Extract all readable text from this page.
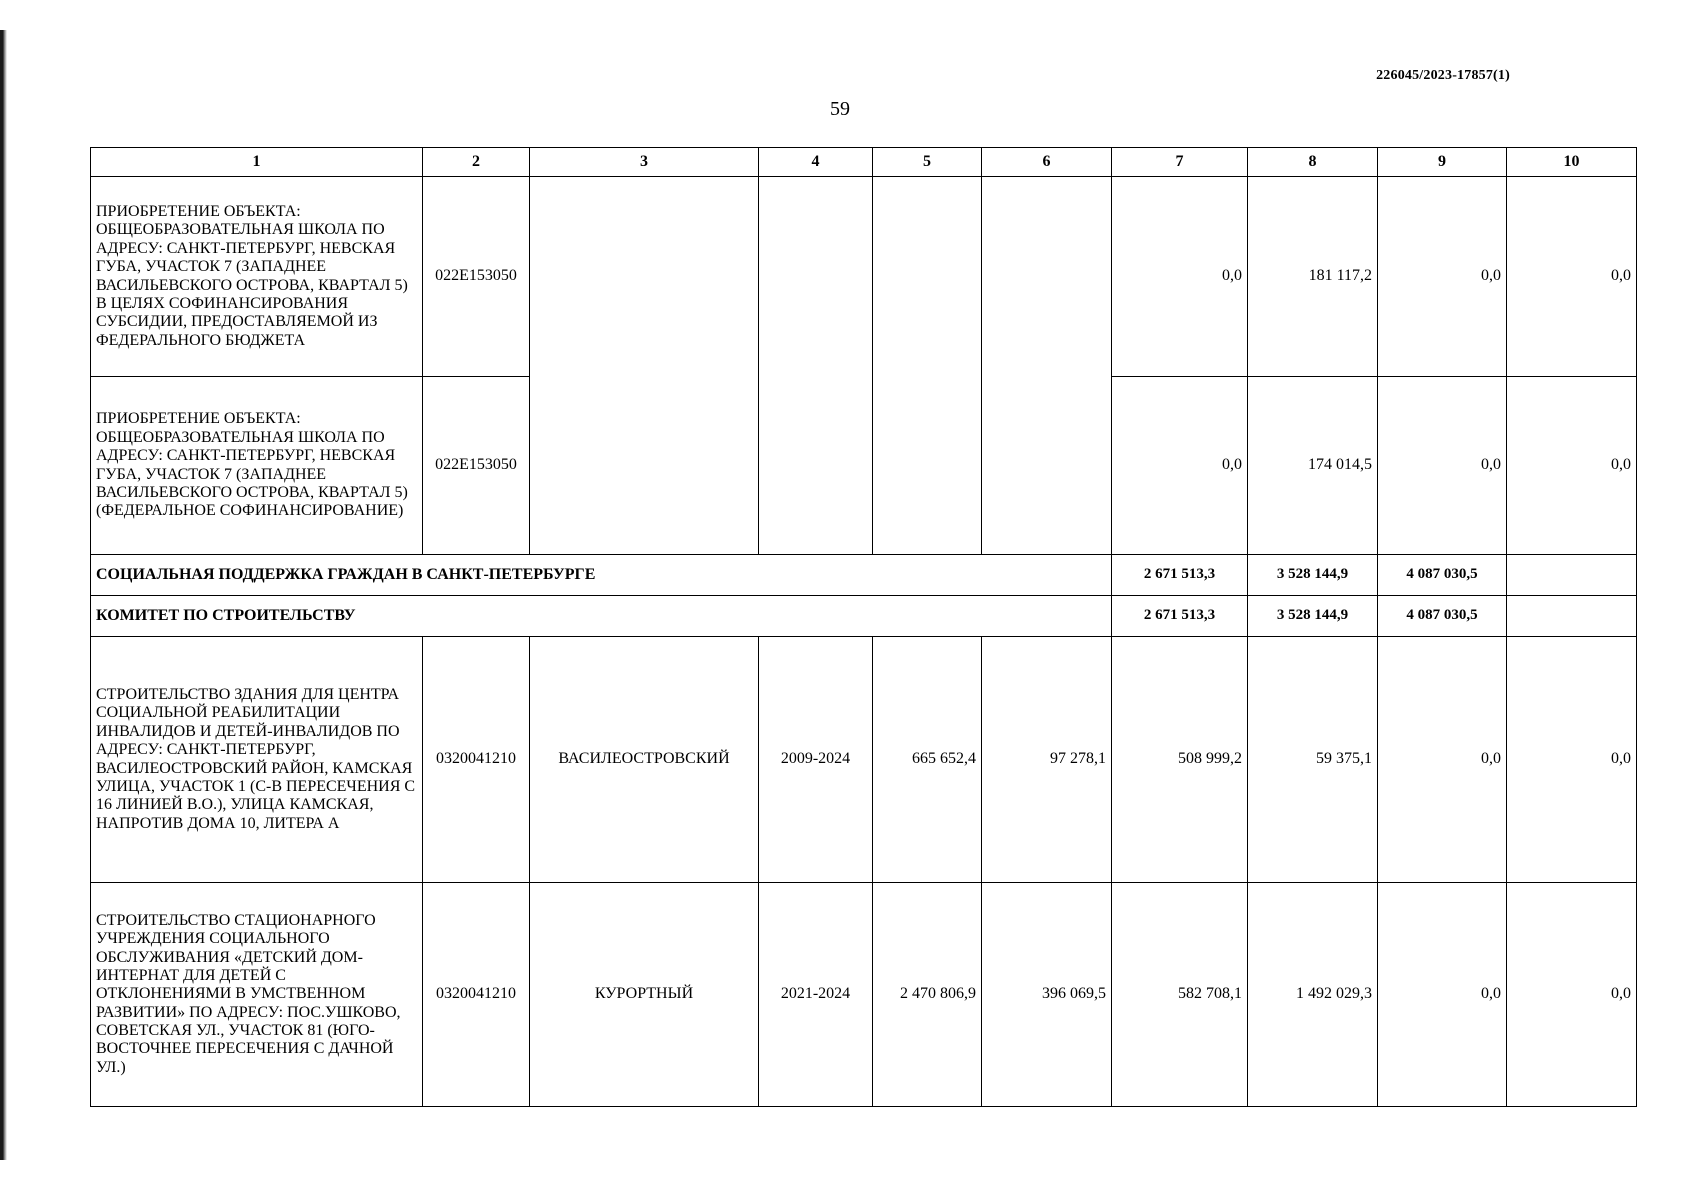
226045/2023-17857(1)
59
1	2	3	4	5	6	7	8	9	10
ПРИОБРЕТЕНИЕ ОБЪЕКТА: ОБЩЕОБРАЗОВАТЕЛЬНАЯ ШКОЛА ПО АДРЕСУ: САНКТ-ПЕТЕРБУРГ, НЕВСКАЯ ГУБА, УЧАСТОК 7 (ЗАПАДНЕЕ ВАСИЛЬЕВСКОГО ОСТРОВА, КВАРТАЛ 5) В ЦЕЛЯХ СОФИНАНСИРОВАНИЯ СУБСИДИИ, ПРЕДОСТАВЛЯЕМОЙ ИЗ ФЕДЕРАЛЬНОГО БЮДЖЕТА	022E153050					0,0	181 117,2	0,0	0,0
ПРИОБРЕТЕНИЕ ОБЪЕКТА: ОБЩЕОБРАЗОВАТЕЛЬНАЯ ШКОЛА ПО АДРЕСУ: САНКТ-ПЕТЕРБУРГ, НЕВСКАЯ ГУБА, УЧАСТОК 7 (ЗАПАДНЕЕ ВАСИЛЬЕВСКОГО ОСТРОВА, КВАРТАЛ 5) (ФЕДЕРАЛЬНОЕ СОФИНАНСИРОВАНИЕ)	022E153050					0,0	174 014,5	0,0	0,0
СОЦИАЛЬНАЯ ПОДДЕРЖКА ГРАЖДАН В САНКТ-ПЕТЕРБУРГЕ						2 671 513,3	3 528 144,9	4 087 030,5	
КОМИТЕТ ПО СТРОИТЕЛЬСТВУ						2 671 513,3	3 528 144,9	4 087 030,5	
СТРОИТЕЛЬСТВО ЗДАНИЯ ДЛЯ ЦЕНТРА СОЦИАЛЬНОЙ РЕАБИЛИТАЦИИ ИНВАЛИДОВ И ДЕТЕЙ-ИНВАЛИДОВ ПО АДРЕСУ: САНКТ-ПЕТЕРБУРГ, ВАСИЛЕОСТРОВСКИЙ РАЙОН, КАМСКАЯ УЛИЦА, УЧАСТОК 1 (С-В ПЕРЕСЕЧЕНИЯ С 16 ЛИНИЕЙ В.О.), УЛИЦА КАМСКАЯ, НАПРОТИВ ДОМА 10, ЛИТЕРА А	0320041210	ВАСИЛЕОСТРОВСКИЙ	2009-2024	665 652,4	97 278,1	508 999,2	59 375,1	0,0	0,0
СТРОИТЕЛЬСТВО СТАЦИОНАРНОГО УЧРЕЖДЕНИЯ СОЦИАЛЬНОГО ОБСЛУЖИВАНИЯ «ДЕТСКИЙ ДОМ-ИНТЕРНАТ ДЛЯ ДЕТЕЙ С ОТКЛОНЕНИЯМИ В УМСТВЕННОМ РАЗВИТИИ» ПО АДРЕСУ: ПОС.УШКОВО, СОВЕТСКАЯ УЛ., УЧАСТОК 81 (ЮГО-ВОСТОЧНЕЕ ПЕРЕСЕЧЕНИЯ С ДАЧНОЙ УЛ.)	0320041210	КУРОРТНЫЙ	2021-2024	2 470 806,9	396 069,5	582 708,1	1 492 029,3	0,0	0,0
